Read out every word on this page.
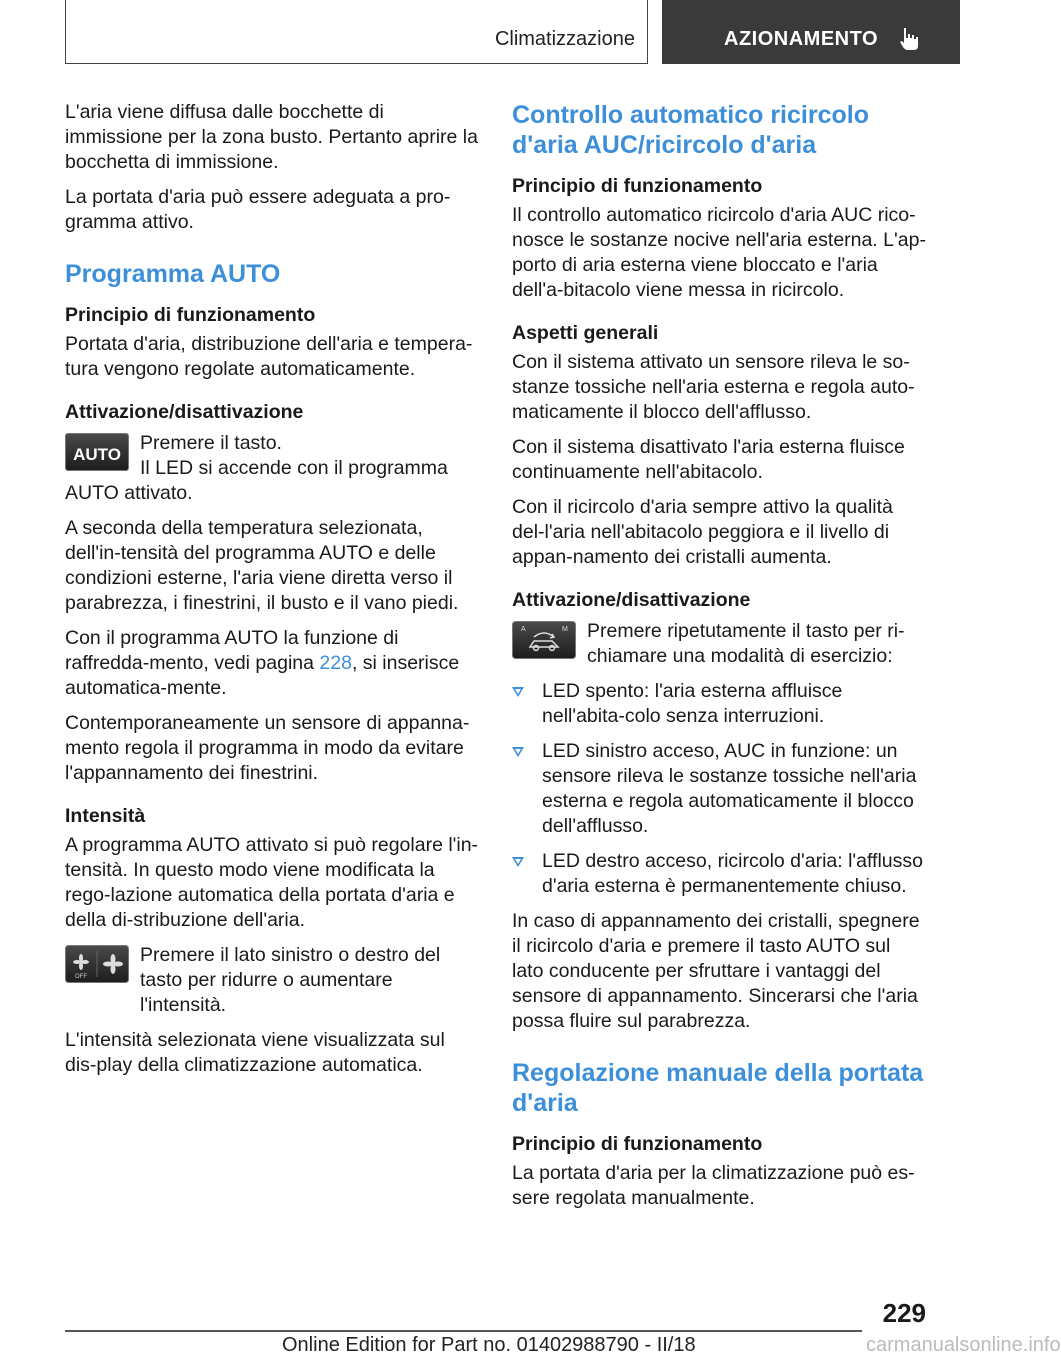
Climatizzazione	AZIONAMENTO

L'aria viene diffusa dalle bocchette di immissione per la zona busto. Pertanto aprire la bocchetta di immissione.

La portata d'aria può essere adeguata a pro‐gramma attivo.

Programma AUTO
Principio di funzionamento

Portata d'aria, distribuzione dell'aria e tempera‐tura vengono regolate automaticamente.

Attivazione/disattivazione
AUTO
Premere il tasto.
Il LED si accende con il programma
AUTO attivato.

A seconda della temperatura selezionata, dell'in‐tensità del programma AUTO e delle condizioni esterne, l'aria viene diretta verso il parabrezza, i finestrini, il busto e il vano piedi.

Con il programma AUTO la funzione di raffredda‐mento, vedi pagina 228, si inserisce automatica‐mente.

Contemporaneamente un sensore di appanna‐mento regola il programma in modo da evitare l'appannamento dei finestrini.

Intensità

A programma AUTO attivato si può regolare l'in‐tensità. In questo modo viene modificata la rego‐lazione automatica della portata d'aria e della di‐stribuzione dell'aria.

OFF
Premere il lato sinistro o destro del tasto per ridurre o aumentare l'intensità.

L'intensità selezionata viene visualizzata sul dis‐play della climatizzazione automatica.

Controllo automatico ricircolo d'aria AUC/ricircolo d'aria
Principio di funzionamento

Il controllo automatico ricircolo d'aria AUC rico‐nosce le sostanze nocive nell'aria esterna. L'ap‐porto di aria esterna viene bloccato e l'aria dell'a‐bitacolo viene messa in ricircolo.

Aspetti generali

Con il sistema attivato un sensore rileva le so‐stanze tossiche nell'aria esterna e regola auto‐maticamente il blocco dell'afflusso.

Con il sistema disattivato l'aria esterna fluisce continuamente nell'abitacolo.

Con il ricircolo d'aria sempre attivo la qualità del‐l'aria nell'abitacolo peggiora e il livello di appan‐namento dei cristalli aumenta.

Attivazione/disattivazione
A	M Premere ripetutamente il tasto per ri‐chiamare una modalità di esercizio:
LED spento: l'aria esterna affluisce nell'abita‐colo senza interruzioni.
LED sinistro acceso, AUC in funzione: un sensore rileva le sostanze tossiche nell'aria esterna e regola automaticamente il blocco dell'afflusso.
LED destro acceso, ricircolo d'aria: l'afflusso d'aria esterna è permanentemente chiuso.

In caso di appannamento dei cristalli, spegnere il ricircolo d'aria e premere il tasto AUTO sul lato conducente per sfruttare i vantaggi del sensore di appannamento. Sincerarsi che l'aria possa fluire sul parabrezza.

Regolazione manuale della portata d'aria
Principio di funzionamento

La portata d'aria per la climatizzazione può es‐sere regolata manualmente.

229
Online Edition for Part no. 01402988790 - II/18	carmanualsonline.info
